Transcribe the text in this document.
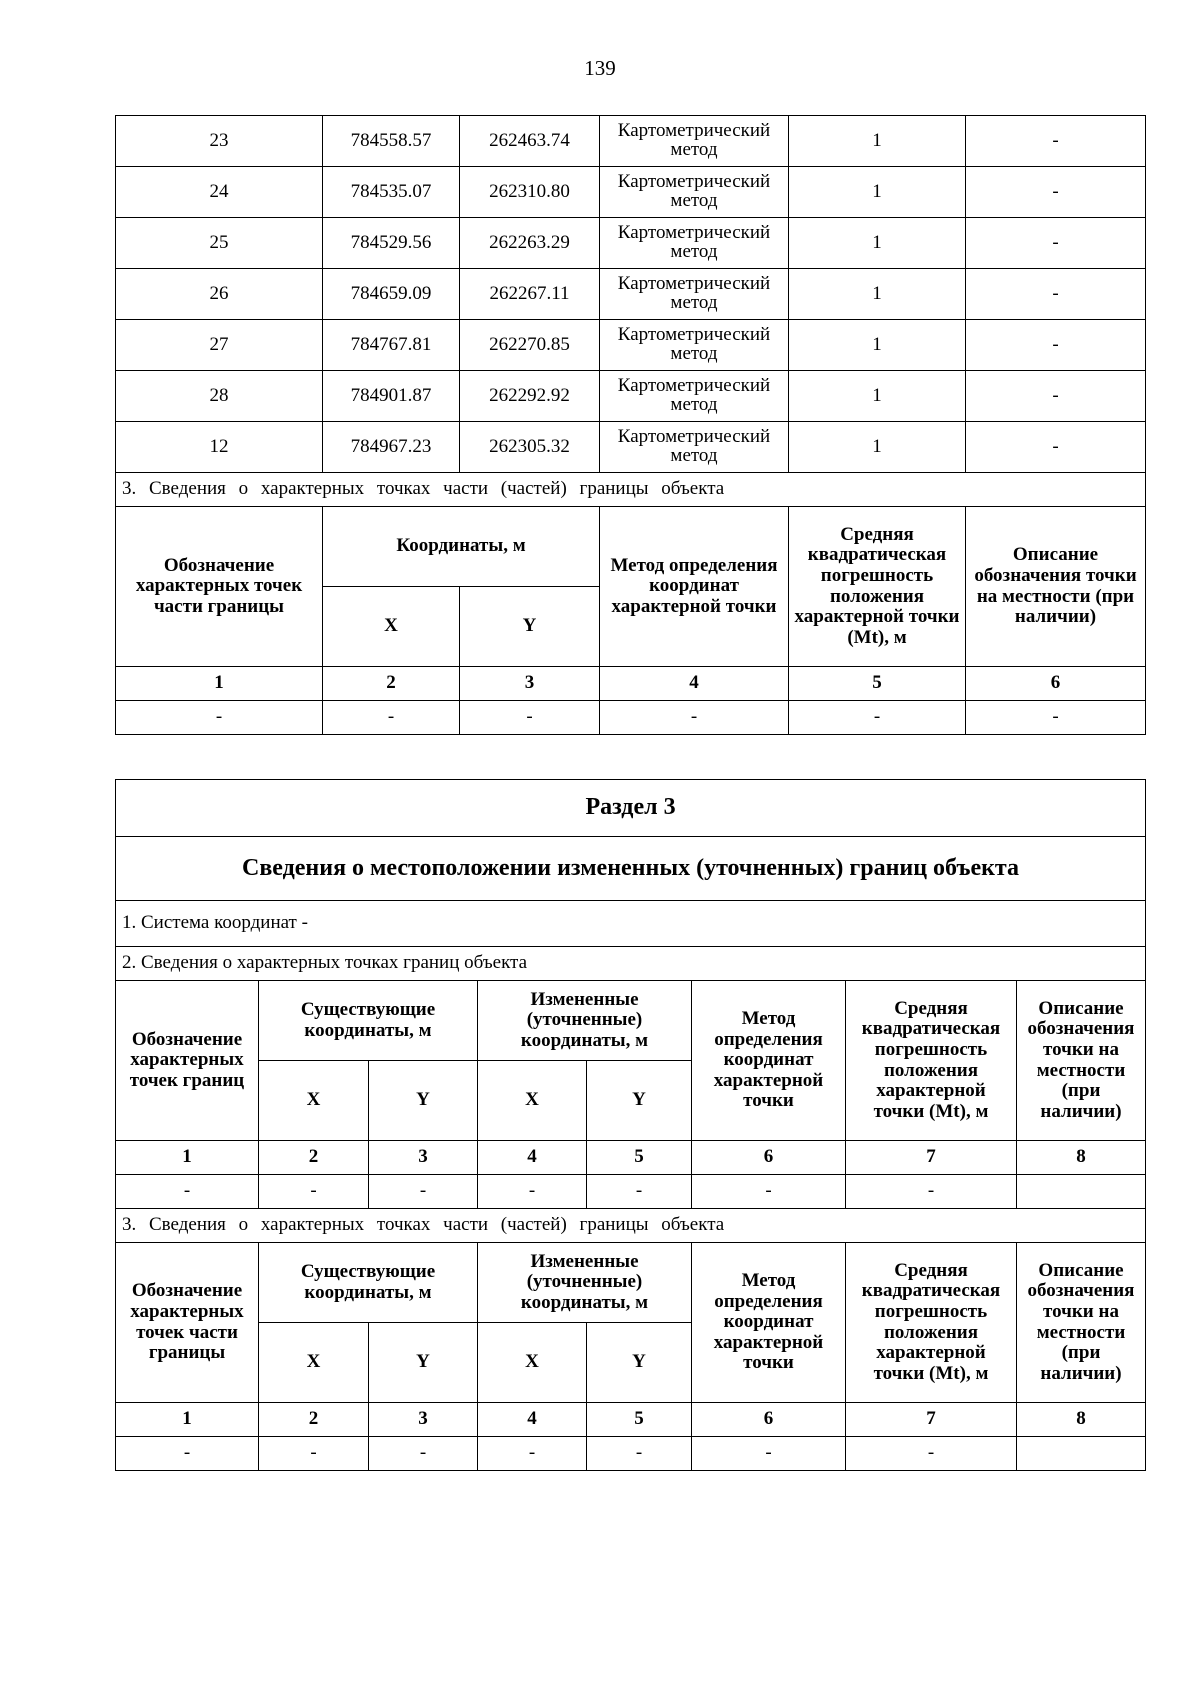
139
23	784558.57	262463.74	Картометрический метод	1	-
24	784535.07	262310.80	Картометрический метод	1	-
25	784529.56	262263.29	Картометрический метод	1	-
26	784659.09	262267.11	Картометрический метод	1	-
27	784767.81	262270.85	Картометрический метод	1	-
28	784901.87	262292.92	Картометрический метод	1	-
12	784967.23	262305.32	Картометрический метод	1	-
3. Сведения о характерных точках части (частей) границы объекта					
Обозначение характерных точек части границы	Координаты, м		Метод определения координат характерной точки	Средняя квадратическая погрешность положения характерной точки (Mt), м	Описание обозначения точки на местности (при наличии)
	X	Y			
1	2	3	4	5	6
-	-	-	-	-	-
Раздел 3							
Сведения о местоположении измененных (уточненных) границ объекта							
1. Система координат -							
2. Сведения о характерных точках границ объекта							
Обозначение характерных точек границ	Существующие координаты, м		Измененные (уточненные) координаты, м		Метод определения координат характерной точки	Средняя квадратическая погрешность положения характерной точки (Mt), м	Описание обозначения точки на местности (при наличии)
	X	Y	X	Y			
1	2	3	4	5	6	7	8
-	-	-	-	-	-	-	
3. Сведения о характерных точках части (частей) границы объекта							
Обозначение характерных точек части границы	Существующие координаты, м		Измененные (уточненные) координаты, м		Метод определения координат характерной точки	Средняя квадратическая погрешность положения характерной точки (Mt), м	Описание обозначения точки на местности (при наличии)
	X	Y	X	Y			
1	2	3	4	5	6	7	8
-	-	-	-	-	-	-	
